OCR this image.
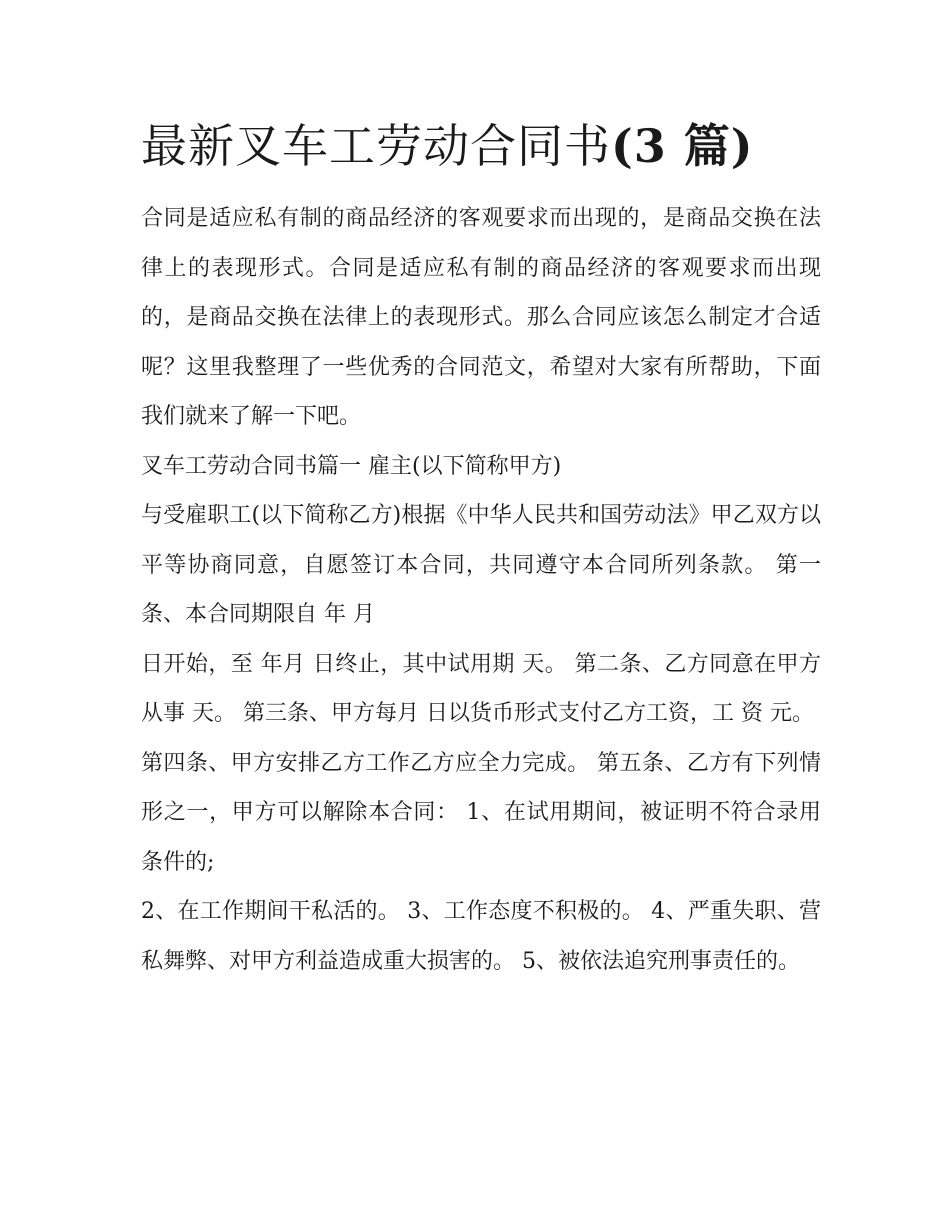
最新叉车工劳动合同书(3 篇)

合同是适应私有制的商品经济的客观要求而出现的，是商品交换在法律上的表现形式。合同是适应私有制的商品经济的客观要求而出现的，是商品交换在法律上的表现形式。那么合同应该怎么制定才合适呢？这里我整理了一些优秀的合同范文，希望对大家有所帮助，下面我们就来了解一下吧。

叉车工劳动合同书篇一 雇主(以下简称甲方)

与受雇职工(以下简称乙方)根据《中华人民共和国劳动法》甲乙双方以平等协商同意，自愿签订本合同，共同遵守本合同所列条款。 第一条、本合同期限自 年 月

日开始，至 年月 日终止，其中试用期 天。 第二条、乙方同意在甲方从事 天。 第三条、甲方每月 日以货币形式支付乙方工资，工 资 元。

第四条、甲方安排乙方工作乙方应全力完成。 第五条、乙方有下列情形之一，甲方可以解除本合同： 1、在试用期间，被证明不符合录用条件的;

2、在工作期间干私活的。 3、工作态度不积极的。 4、严重失职、营私舞弊、对甲方利益造成重大损害的。 5、被依法追究刑事责任的。
